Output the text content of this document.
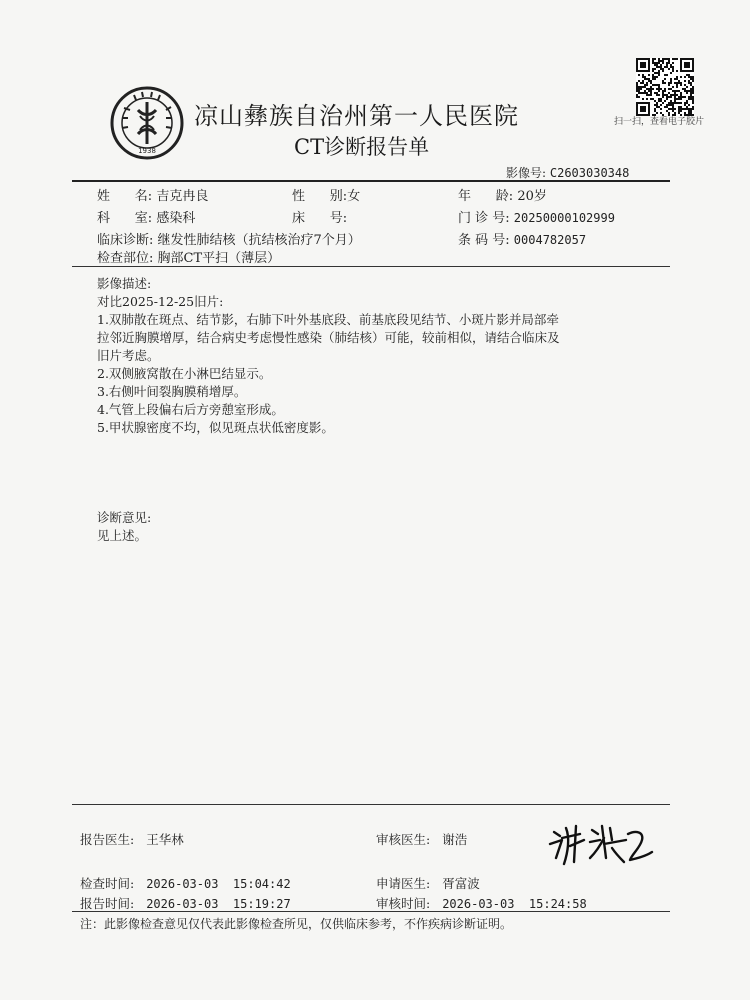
1938
凉山彝族自治州第一人民医院
CT诊断报告单
扫一扫，查看电子胶片
影像号: C2603030348
姓      名: 吉克冉良	性      别:女	年      龄: 20岁
科      室: 感染科	床      号:	门 诊 号: 20250000102999
临床诊断: 继发性肺结核（抗结核治疗7个月）	条 码 号: 0004782057
检查部位: 胸部CT平扫（薄层）
影像描述:
对比2025-12-25旧片:
1.双肺散在斑点、结节影，右肺下叶外基底段、前基底段见结节、小斑片影并局部牵
拉邻近胸膜增厚，结合病史考虑慢性感染（肺结核）可能，较前相似，请结合临床及
旧片考虑。
2.双侧腋窝散在小淋巴结显示。
3.右侧叶间裂胸膜稍增厚。
4.气管上段偏右后方旁憩室形成。
5.甲状腺密度不均，似见斑点状低密度影。
诊断意见:
见上述。
报告医生: 王华林	审核医生: 谢浩
检查时间: 2026-03-03  15:04:42	申请医生: 胥富波
报告时间: 2026-03-03  15:19:27	审核时间: 2026-03-03  15:24:58
注：此影像检查意见仅代表此影像检查所见，仅供临床参考，不作疾病诊断证明。
